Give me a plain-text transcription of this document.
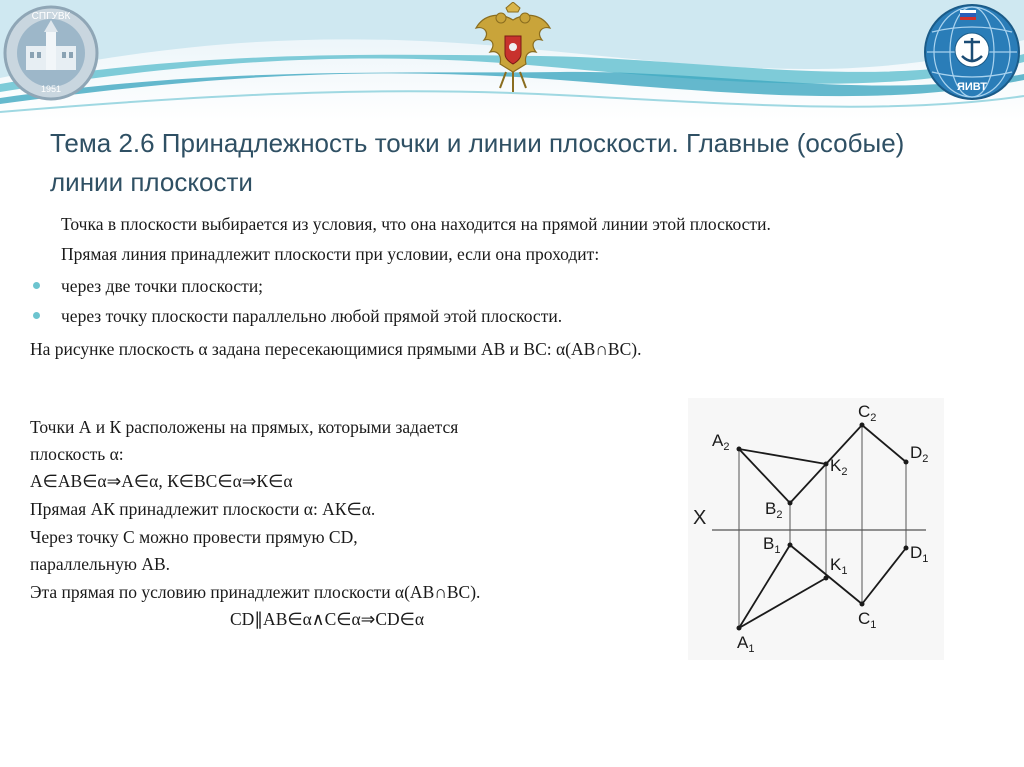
СПГУВК
1951	ЯИВТ
Тема 2.6 Принадлежность точки и линии плоскости. Главные (особые) линии плоскости
Точка в плоскости выбирается из условия, что она находится на прямой линии этой плоскости.
Прямая линия принадлежит плоскости при условии, если она проходит:
через две точки плоскости;
через точку плоскости параллельно любой прямой этой плоскости.
На рисунке плоскость α задана пересекающимися прямыми АВ и ВС: α(АВ∩ВС).
Точки А и К расположены на прямых, которыми задается
плоскость α:
А∈АВ∈α⇒А∈α, К∈ВС∈α⇒К∈α
Прямая АК принадлежит плоскости α: АК∈α.
Через точку С можно провести прямую СD,
параллельную АВ.
Эта прямая по условию принадлежит плоскости α(АВ∩ВС).
CD∥AB∈α∧C∈α⇒CD∈α
X
$A_2$
$B_2$
$C_2$
$D_2$
$K_2$
$A_1$
$B_1$
$C_1$
$D_1$
$K_1$
